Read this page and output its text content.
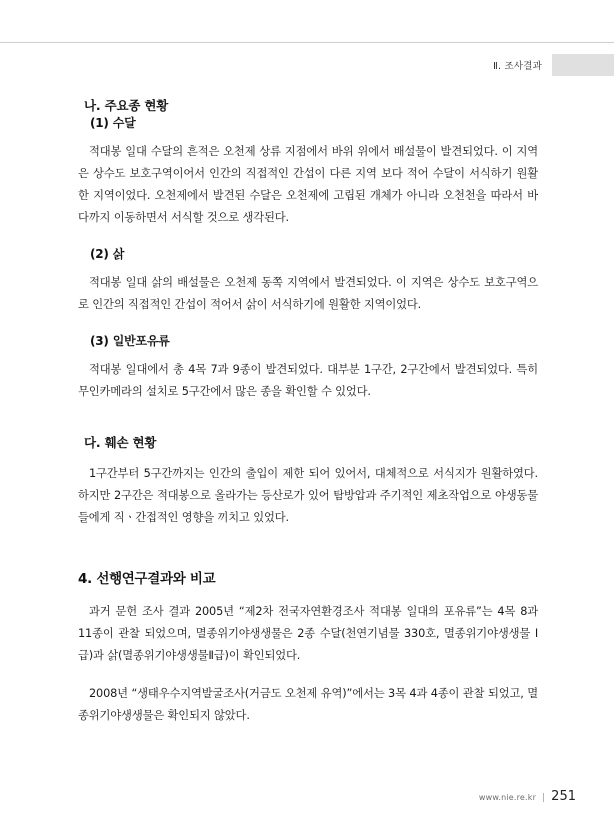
Ⅱ. 조사결과
나. 주요종 현황
(1) 수달

적대봉 일대 수달의 흔적은 오천제 상류 지점에서 바위 위에서 배설물이 발견되었다. 이 지역은 상수도 보호구역이어서 인간의 직접적인 간섭이 다른 지역 보다 적어 수달이 서식하기 원활한 지역이었다. 오천제에서 발견된 수달은 오천제에 고립된 개체가 아니라 오천천을 따라서 바다까지 이동하면서 서식할 것으로 생각된다.

(2) 삵

적대봉 일대 삵의 배설물은 오천제 동쪽 지역에서 발견되었다. 이 지역은 상수도 보호구역으로 인간의 직접적인 간섭이 적어서 삵이 서식하기에 원활한 지역이었다.

(3) 일반포유류

적대봉 일대에서 총 4목 7과 9종이 발견되었다. 대부분 1구간, 2구간에서 발견되었다. 특히 무인카메라의 설치로 5구간에서 많은 종을 확인할 수 있었다.

다. 훼손 현황

1구간부터 5구간까지는 인간의 출입이 제한 되어 있어서, 대체적으로 서식지가 원활하였다. 하지만 2구간은 적대봉으로 올라가는 등산로가 있어 탐방압과 주기적인 제초작업으로 야생동물들에게 직ㆍ간접적인 영향을 끼치고 있었다.

4. 선행연구결과와 비교

과거 문헌 조사 결과 2005년 “제2차 전국자연환경조사 적대봉 일대의 포유류”는 4목 8과 11종이 관찰 되었으며, 멸종위기야생생물은 2종 수달(천연기념물 330호, 멸종위기야생생물 Ⅰ급)과 삵(멸종위기야생생물Ⅱ급)이 확인되었다.

2008년 “생태우수지역발굴조사(거금도 오천제 유역)”에서는 3목 4과 4종이 관찰 되었고, 멸종위기야생생물은 확인되지 않았다.

www.nie.re.kr | 251
